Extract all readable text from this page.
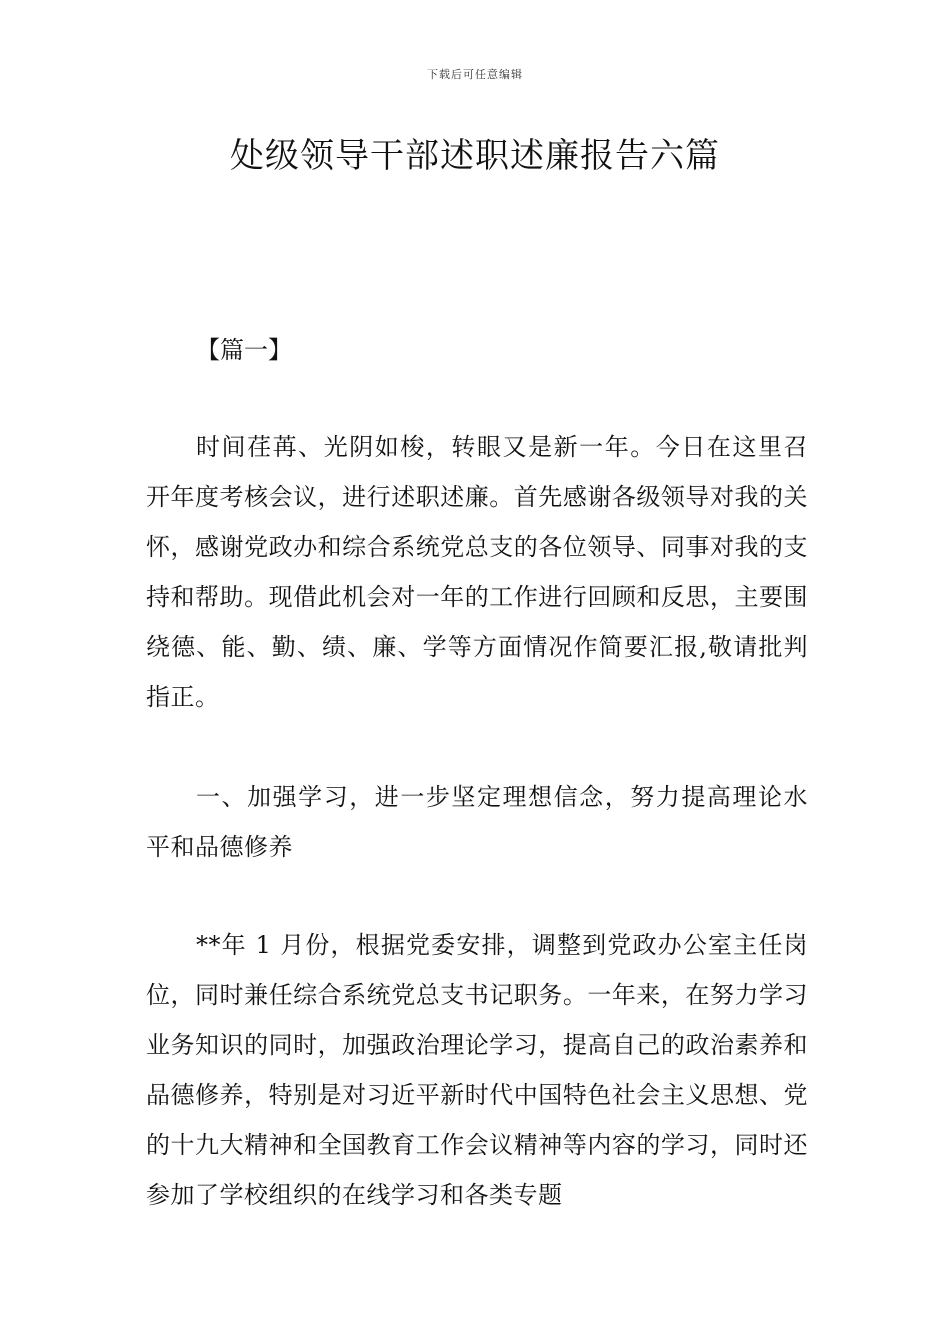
下载后可任意编辑
处级领导干部述职述廉报告六篇

【篇一】

时间荏苒、光阴如梭，转眼又是新一年。今日在这里召开年度考核会议，进行述职述廉。首先感谢各级领导对我的关怀，感谢党政办和综合系统党总支的各位领导、同事对我的支持和帮助。现借此机会对一年的工作进行回顾和反思，主要围绕德、能、勤、绩、廉、学等方面情况作简要汇报,敬请批判指正。

一、加强学习，进一步坚定理想信念，努力提高理论水平和品德修养

**年 1 月份，根据党委安排，调整到党政办公室主任岗位，同时兼任综合系统党总支书记职务。一年来，在努力学习业务知识的同时，加强政治理论学习，提高自己的政治素养和品德修养，特别是对习近平新时代中国特色社会主义思想、党的十九大精神和全国教育工作会议精神等内容的学习，同时还参加了学校组织的在线学习和各类专题
